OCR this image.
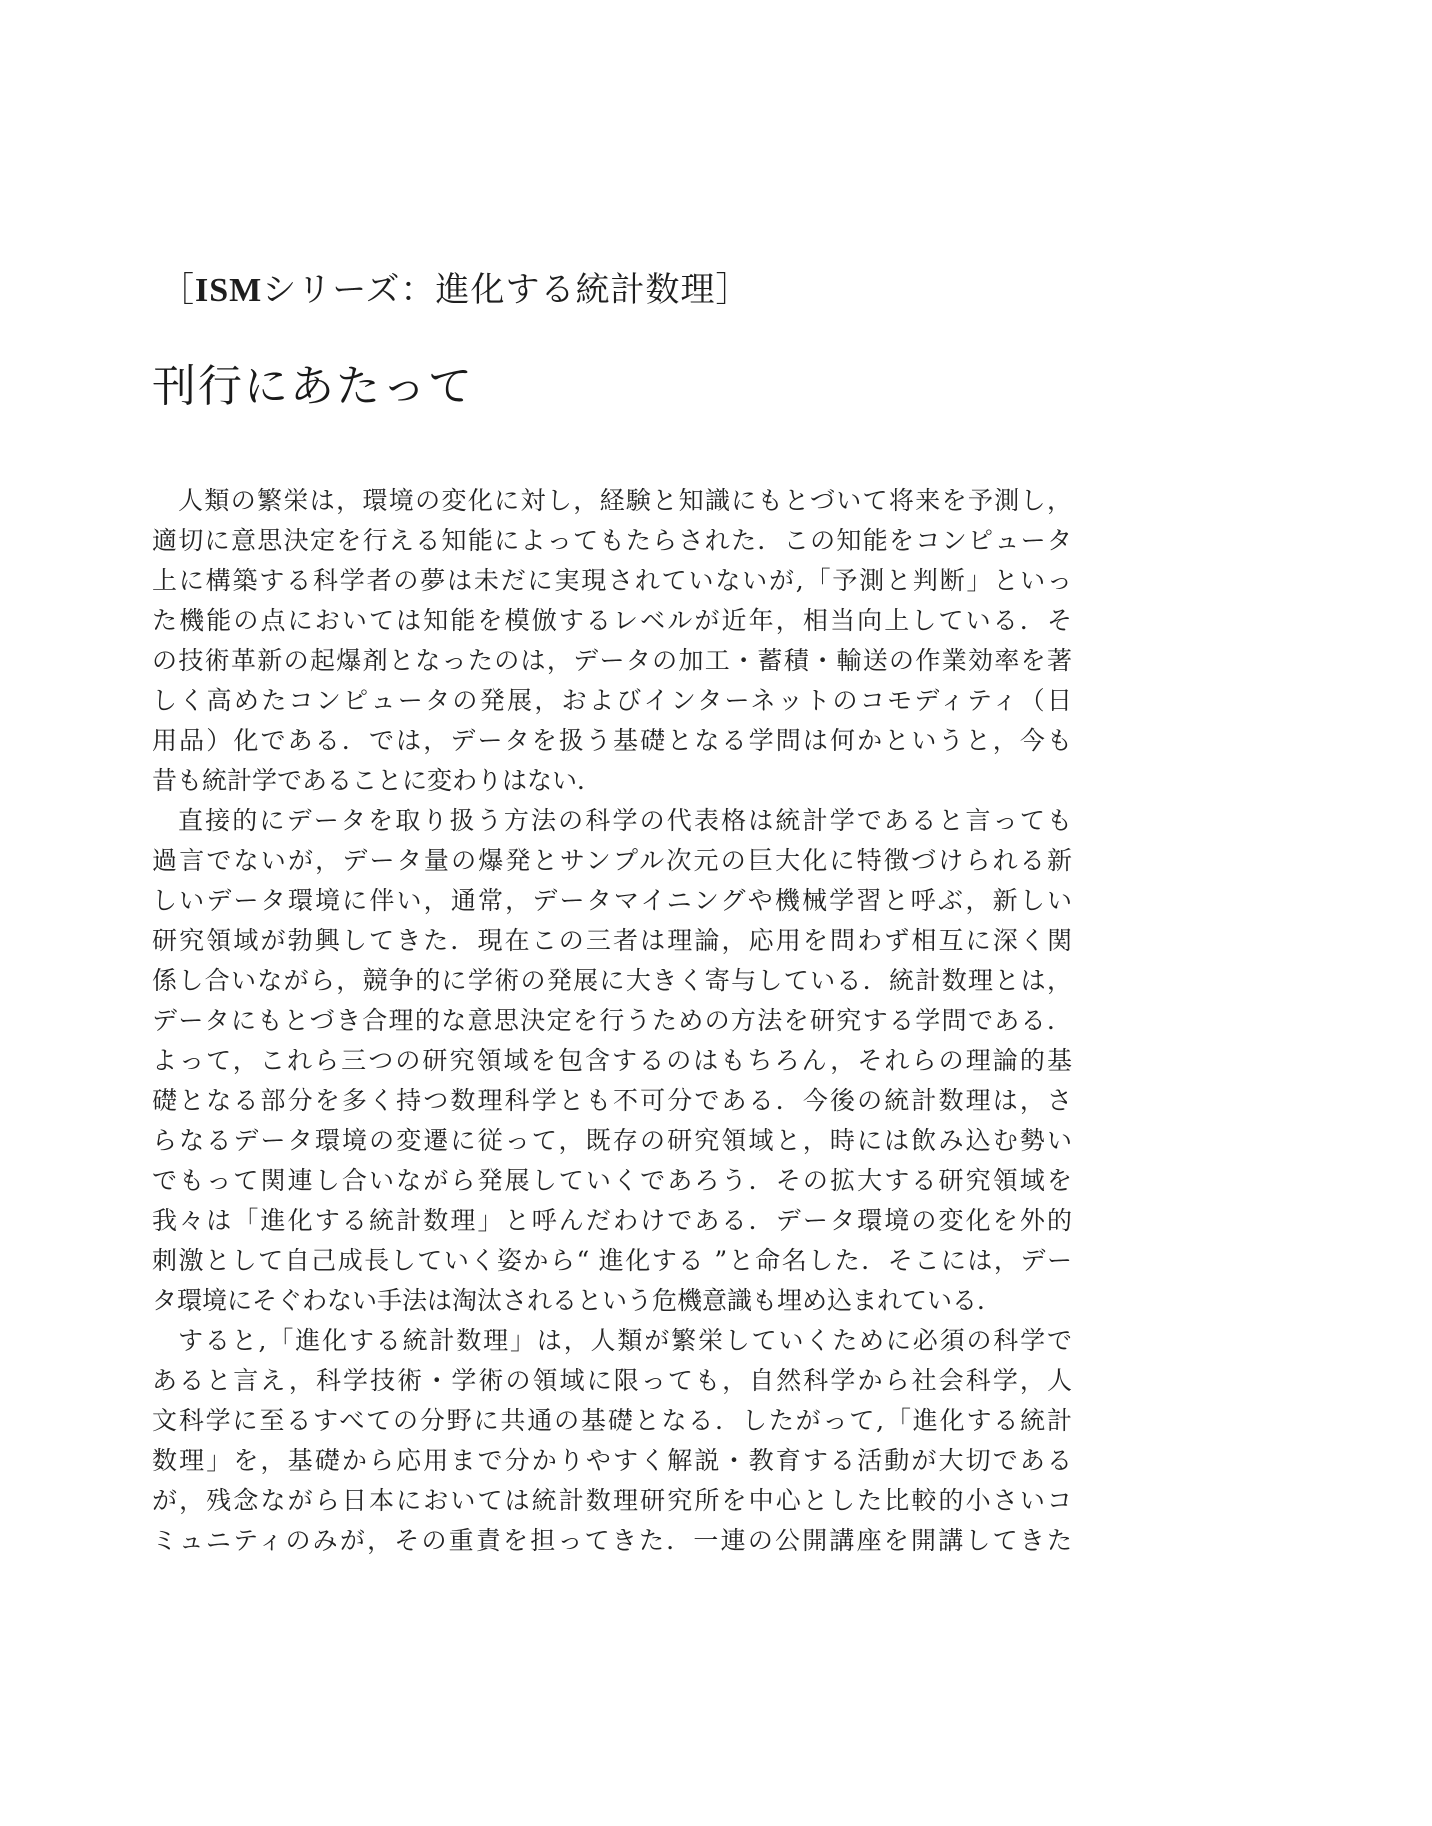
［ISMシリーズ：進化する統計数理］
刊行にあたって
人類の繁栄は，環境の変化に対し，経験と知識にもとづいて将来を予測し，
適切に意思決定を行える知能によってもたらされた．この知能をコンピュータ
上に構築する科学者の夢は未だに実現されていないが,「予測と判断」といっ
た機能の点においては知能を模倣するレベルが近年，相当向上している．そ
の技術革新の起爆剤となったのは，データの加工・蓄積・輸送の作業効率を著
しく高めたコンピュータの発展，およびインターネットのコモディティ（日
用品）化である．では，データを扱う基礎となる学問は何かというと，今も
昔も統計学であることに変わりはない．
直接的にデータを取り扱う方法の科学の代表格は統計学であると言っても
過言でないが，データ量の爆発とサンプル次元の巨大化に特徴づけられる新
しいデータ環境に伴い，通常，データマイニングや機械学習と呼ぶ，新しい
研究領域が勃興してきた．現在この三者は理論，応用を問わず相互に深く関
係し合いながら，競争的に学術の発展に大きく寄与している．統計数理とは，
データにもとづき合理的な意思決定を行うための方法を研究する学問である．
よって，これら三つの研究領域を包含するのはもちろん，それらの理論的基
礎となる部分を多く持つ数理科学とも不可分である．今後の統計数理は，さ
らなるデータ環境の変遷に従って，既存の研究領域と，時には飲み込む勢い
でもって関連し合いながら発展していくであろう．その拡大する研究領域を
我々は「進化する統計数理」と呼んだわけである．データ環境の変化を外的
刺激として自己成長していく姿から“ 進化する ”と命名した．そこには，デー
タ環境にそぐわない手法は淘汰されるという危機意識も埋め込まれている．
すると,「進化する統計数理」は，人類が繁栄していくために必須の科学で
あると言え，科学技術・学術の領域に限っても，自然科学から社会科学，人
文科学に至るすべての分野に共通の基礎となる．したがって,「進化する統計
数理」を，基礎から応用まで分かりやすく解説・教育する活動が大切である
が，残念ながら日本においては統計数理研究所を中心とした比較的小さいコ
ミュニティのみが，その重責を担ってきた．一連の公開講座を開講してきた
